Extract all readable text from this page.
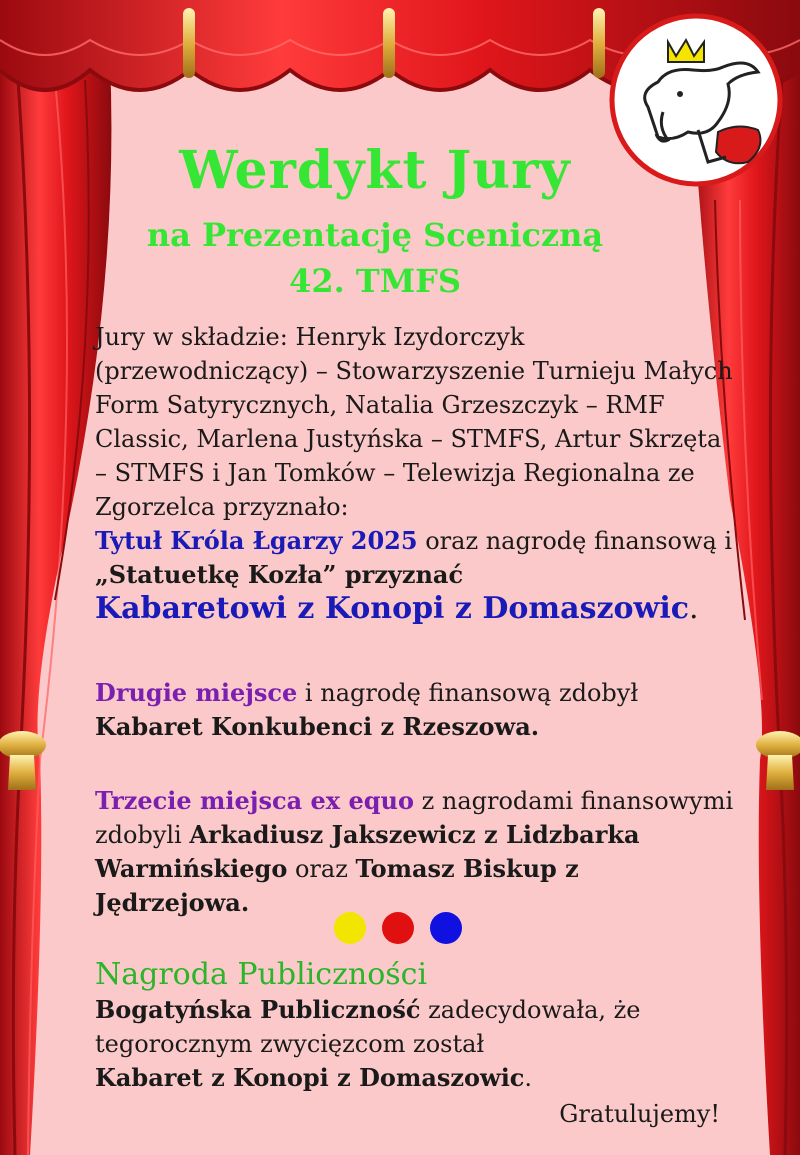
Werdykt Jury
na Prezentację Sceniczną
42. TMFS
Jury w składzie: Henryk Izydorczyk (przewodniczący) – Stowarzyszenie Turnieju Małych Form Satyrycznych, Natalia Grzeszczyk – RMF Classic, Marlena Justyńska – STMFS, Artur Skrzęta – STMFS i Jan Tomków – Telewizja Regionalna ze Zgorzelca przyznało:
Tytuł Króla Łgarzy 2025 oraz nagrodę finansową i „Statuetkę Kozła” przyznać
Kabaretowi z Konopi z Domaszowic.
Drugie miejsce i nagrodę finansową zdobył
Kabaret Konkubenci z Rzeszowa.
Trzecie miejsca ex equo z nagrodami finansowymi zdobyli Arkadiusz Jakszewicz z Lidzbarka Warmińskiego oraz Tomasz Biskup z Jędrzejowa.
Nagroda Publiczności
Bogatyńska Publiczność zadecydowała, że tegorocznym zwycięzcom został
Kabaret z Konopi z Domaszowic.
Gratulujemy!
